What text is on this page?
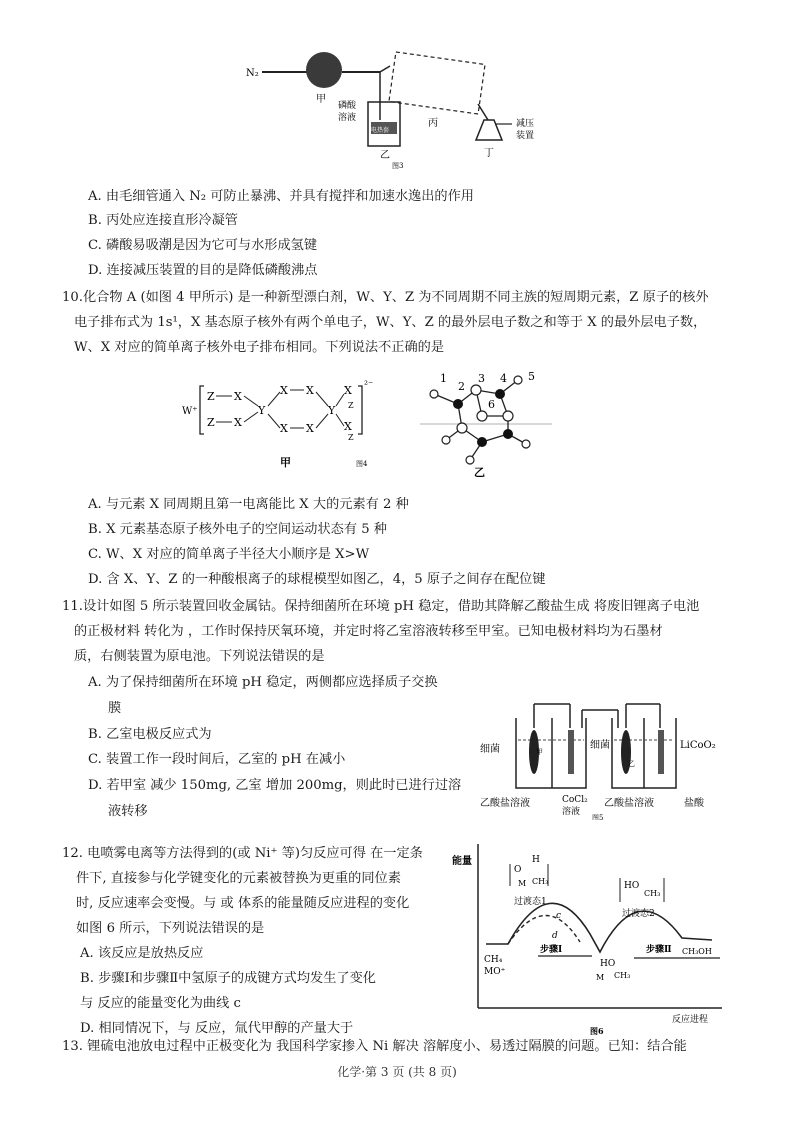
N₂
甲
磷酸
溶液
电热套
乙
丙
丁
减压
装置
图3
A. 由毛细管通入 N₂ 可防止暴沸、并具有搅拌和加速水逸出的作用
B. 丙处应连接直形冷凝管
C. 磷酸易吸潮是因为它可与水形成氢键
D. 连接减压装置的目的是降低磷酸沸点
10.化合物 A (如图 4 甲所示) 是一种新型漂白剂，W、Y、Z 为不同周期不同主族的短周期元素，Z 原子的核外
电子排布式为 1s¹，X 基态原子核外有两个单电子，W、Y、Z 的最外层电子数之和等于 X 的最外层电子数，
W、X 对应的简单离子核外电子排布相同。下列说法不正确的是
W⁺
²⁻
Z X
Z X
Y
X X
X X
Y
X
Z
X
Z
甲	图4
1
2
3 4 5
6
乙
A. 与元素 X 同周期且第一电离能比 X 大的元素有 2 种
B. X 元素基态原子核外电子的空间运动状态有 5 种
C. W、X 对应的简单离子半径大小顺序是 X>W
D. 含 X、Y、Z 的一种酸根离子的球棍模型如图乙，4，5 原子之间存在配位键
11.设计如图 5 所示装置回收金属钴。保持细菌所在环境 pH 稳定，借助其降解乙酸盐生成 将废旧锂离子电池
的正极材料 转化为 ，工作时保持厌氧环境，并定时将乙室溶液转移至甲室。已知电极材料均为石墨材
质，右侧装置为原电池。下列说法错误的是
A. 为了保持细菌所在环境 pH 稳定，两侧都应选择质子交换
膜
B. 乙室电极反应式为
C. 装置工作一段时间后，乙室的 pH 在减小
D. 若甲室 减少 150mg, 乙室 增加 200mg，则此时已进行过溶
液转移
细菌	甲
细菌
乙
LiCoO₂
乙酸盐溶液	CoCl₂
溶液
乙酸盐溶液	盐酸
图5
12. 电喷雾电离等方法得到的(或 Ni⁺ 等)匀反应可得 在一定条
件下, 直接参与化学键变化的元素被替换为更重的同位素
时, 反应速率会变慢。与 或 体系的能量随反应进程的变化
如图 6 所示，下列说法错误的是
A. 该反应是放热反应
B. 步骤Ⅰ和步骤Ⅱ中氢原子的成键方式均发生了变化
与 反应的能量变化为曲线 c
D. 相同情况下，与 反应，氚代甲醇的产量大于
能量
反应进程
O
H
M CH₃
过渡态1
HO
CH₃
过渡态2
CH₄
MO⁺
步骤Ⅰ
HO
M CH₃
步骤Ⅱ CH₃OH
c
d
图6
13. 锂硫电池放电过程中正极变化为 我国科学家掺入 Ni 解决 溶解度小、易透过隔膜的问题。已知：结合能
化学·第 3 页 (共 8 页)
